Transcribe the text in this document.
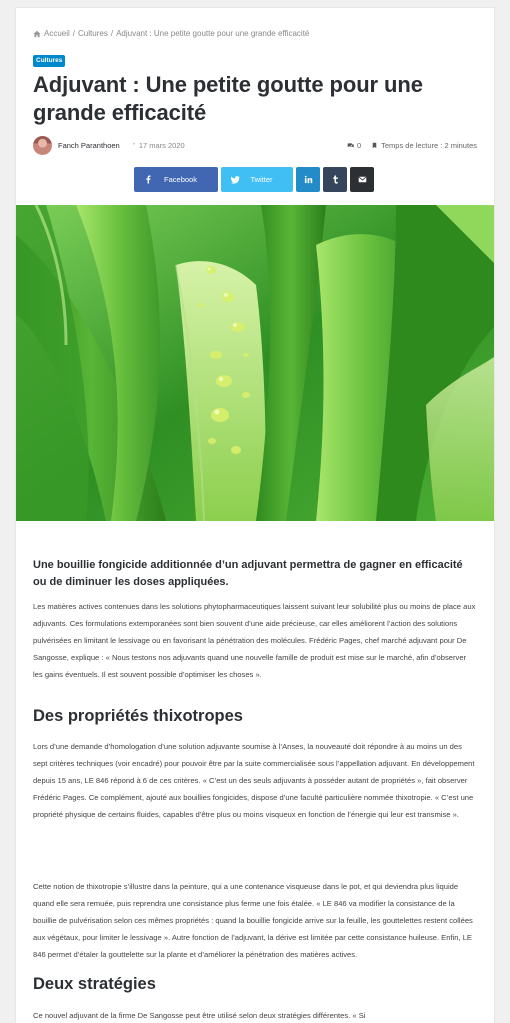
Accueil / Cultures / Adjuvant : Une petite goutte pour une grande efficacité
Cultures
Adjuvant : Une petite goutte pour une grande efficacité
Fanch Paranthoen • 17 mars 2020	0	Temps de lecture : 2 minutes
Facebook	Twitter

Une bouillie fongicide additionnée d’un adjuvant permettra de gagner en efficacité ou de diminuer les doses appliquées.

Les matières actives contenues dans les solutions phytopharmaceutiques laissent suivant leur solubilité plus ou moins de place aux adjuvants. Ces formulations extemporanées sont bien souvent d’une aide précieuse, car elles améliorent l’action des solutions pulvérisées en limitant le lessivage ou en favorisant la pénétration des molécules. Frédéric Pages, chef marché adjuvant pour De Sangosse, explique : « Nous testons nos adjuvants quand une nouvelle famille de produit est mise sur le marché, afin d’observer les gains éventuels. Il est souvent possible d’optimiser les choses ».

Des propriétés thixotropes

Lors d’une demande d’homologation d’une solution adjuvante soumise à l’Anses, la nouveauté doit répondre à au moins un des sept critères techniques (voir encadré) pour pouvoir être par la suite commercialisée sous l’appellation adjuvant. En développement depuis 15 ans, LE 846 répond à 6 de ces critères. « C’est un des seuls adjuvants à posséder autant de propriétés », fait observer Frédéric Pages. Ce complément, ajouté aux bouillies fongicides, dispose d’une faculté particulière nommée thixotropie. « C’est une propriété physique de certains fluides, capables d’être plus ou moins visqueux en fonction de l’énergie qui leur est transmise ».

Cette notion de thixotropie s’illustre dans la peinture, qui a une contenance visqueuse dans le pot, et qui deviendra plus liquide quand elle sera remuée, puis reprendra une consistance plus ferme une fois étalée. « LE 846 va modifier la consistance de la bouillie de pulvérisation selon ces mêmes propriétés : quand la bouillie fongicide arrive sur la feuille, les gouttelettes restent collées aux végétaux, pour limiter le lessivage ». Autre fonction de l’adjuvant, la dérive est limitée par cette consistance huileuse. Enfin, LE 846 permet d’étaler la gouttelette sur la plante et d’améliorer la pénétration des matières actives.

Deux stratégies

Ce nouvel adjuvant de la firme De Sangosse peut être utilisé selon deux stratégies différentes. « Si
